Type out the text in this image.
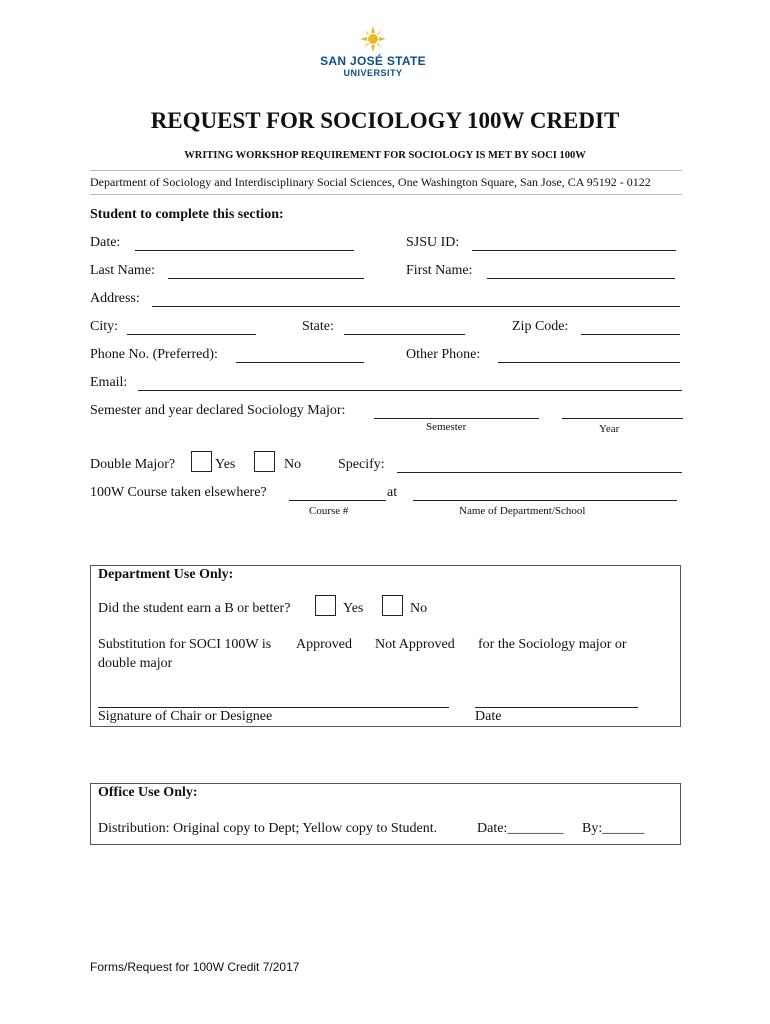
SAN JOSÉ STATE
UNIVERSITY
REQUEST FOR SOCIOLOGY 100W CREDIT
WRITING WORKSHOP REQUIREMENT FOR SOCIOLOGY IS MET BY SOCI 100W
Department of Sociology and Interdisciplinary Social Sciences, One Washington Square, San Jose, CA 95192 - 0122
Student to complete this section:
Date:	SJSU ID:
Last Name:	First Name:
Address:
City:	State:	Zip Code:
Phone No. (Preferred):	Other Phone:
Email:
Semester and year declared Sociology Major:
Semester	Year
Double Major?	Yes	No	Specify:
100W Course taken elsewhere?	at
Course #	Name of Department/School
Department Use Only:
Did the student earn a B or better?	Yes	No
Substitution for SOCI 100W is Approved Not Approved for the Sociology major or
double major
Signature of Chair or Designee	Date
Office Use Only:
Distribution: Original copy to Dept; Yellow copy to Student.	Date:________ By:______
Forms/Request for 100W Credit 7/2017
